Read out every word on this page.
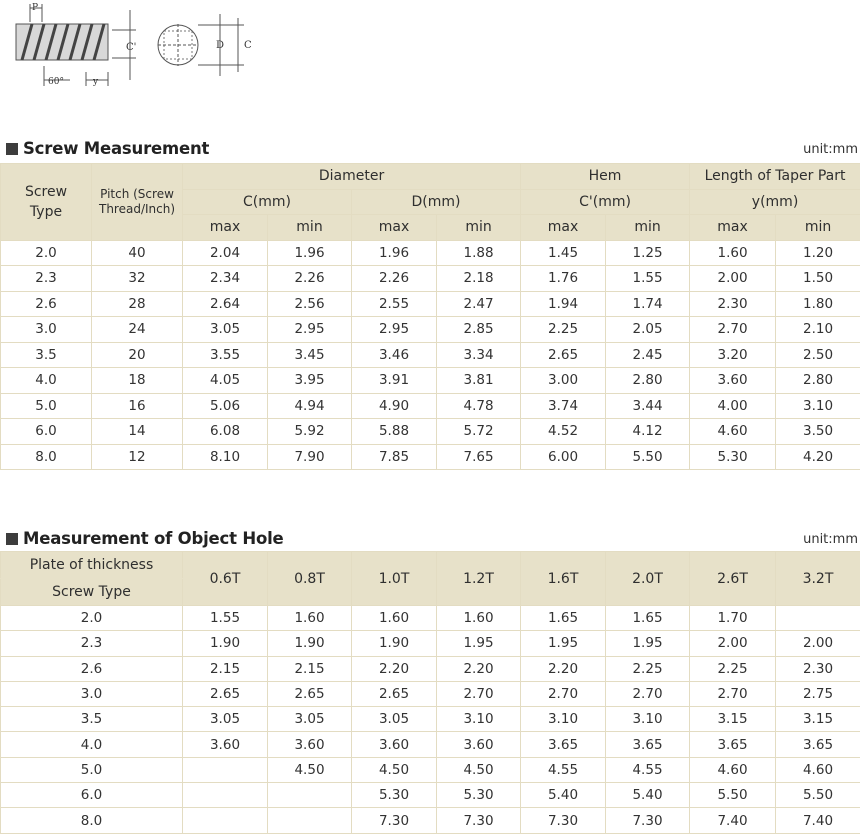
P
C'
60°	y
D C
Screw Measurement	unit:mm
Screw Type	Pitch (Screw Thread/Inch)	Diameter				Hem		Length of Taper Part	
		C(mm)		D(mm)		C'(mm)		y(mm)	
		max	min	max	min	max	min	max	min
2.0	40	2.04	1.96	1.96	1.88	1.45	1.25	1.60	1.20
2.3	32	2.34	2.26	2.26	2.18	1.76	1.55	2.00	1.50
2.6	28	2.64	2.56	2.55	2.47	1.94	1.74	2.30	1.80
3.0	24	3.05	2.95	2.95	2.85	2.25	2.05	2.70	2.10
3.5	20	3.55	3.45	3.46	3.34	2.65	2.45	3.20	2.50
4.0	18	4.05	3.95	3.91	3.81	3.00	2.80	3.60	2.80
5.0	16	5.06	4.94	4.90	4.78	3.74	3.44	4.00	3.10
6.0	14	6.08	5.92	5.88	5.72	4.52	4.12	4.60	3.50
8.0	12	8.10	7.90	7.85	7.65	6.00	5.50	5.30	4.20
Measurement of Object Hole	unit:mm
Plate of thickness	0.6T	0.8T	1.0T	1.2T	1.6T	2.0T	2.6T	3.2T
Screw Type								
2.0	1.55	1.60	1.60	1.60	1.65	1.65	1.70	
2.3	1.90	1.90	1.90	1.95	1.95	1.95	2.00	2.00
2.6	2.15	2.15	2.20	2.20	2.20	2.25	2.25	2.30
3.0	2.65	2.65	2.65	2.70	2.70	2.70	2.70	2.75
3.5	3.05	3.05	3.05	3.10	3.10	3.10	3.15	3.15
4.0	3.60	3.60	3.60	3.60	3.65	3.65	3.65	3.65
5.0		4.50	4.50	4.50	4.55	4.55	4.60	4.60
6.0			5.30	5.30	5.40	5.40	5.50	5.50
8.0			7.30	7.30	7.30	7.30	7.40	7.40
